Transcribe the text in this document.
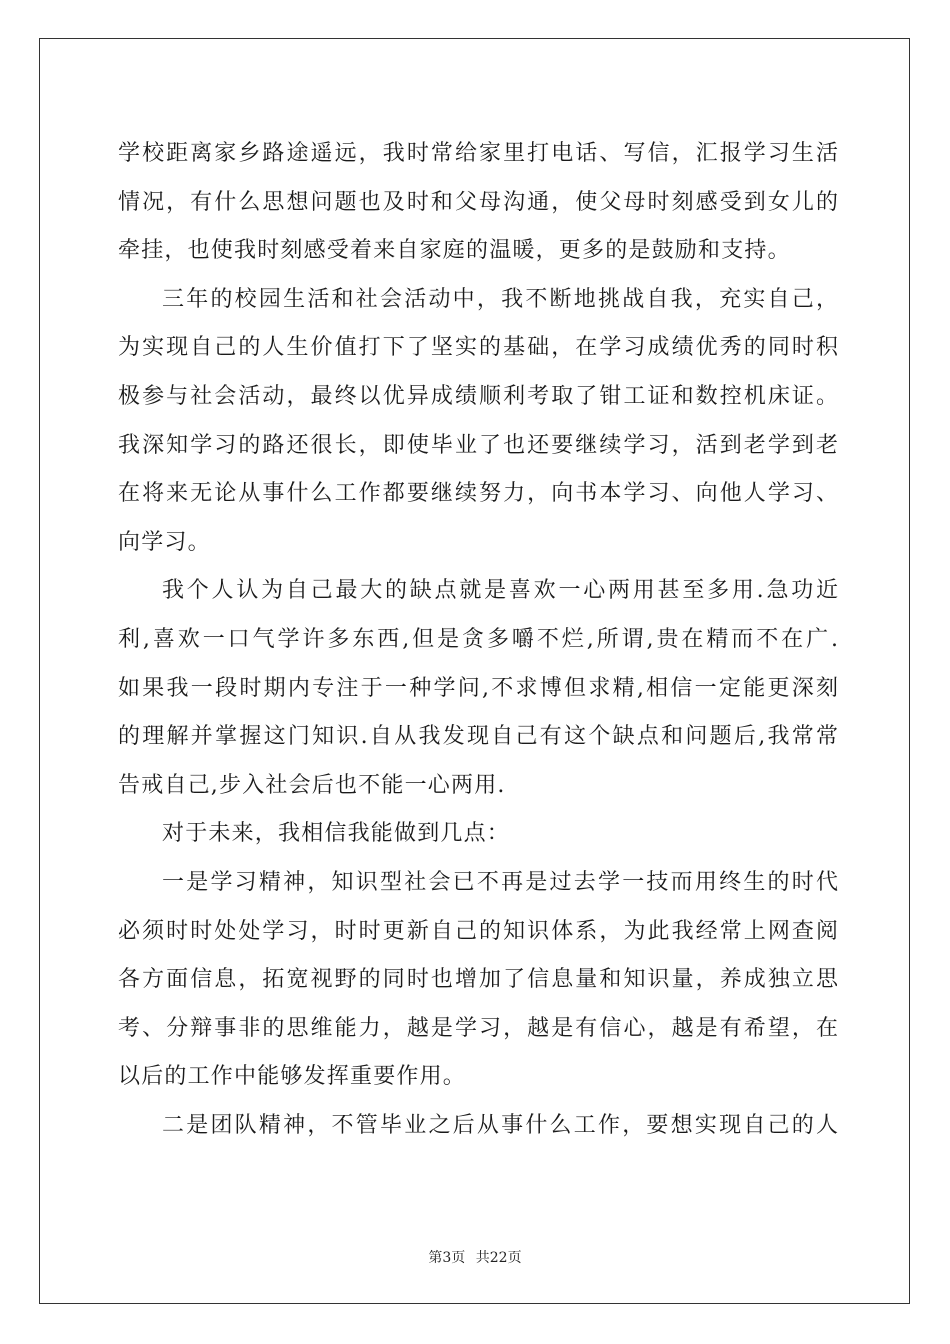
学校距离家乡路途遥远，我时常给家里打电话、写信，汇报学习生活
情况，有什么思想问题也及时和父母沟通，使父母时刻感受到女儿的
牵挂，也使我时刻感受着来自家庭的温暖，更多的是鼓励和支持。
三年的校园生活和社会活动中，我不断地挑战自我，充实自己，
为实现自己的人生价值打下了坚实的基础，在学习成绩优秀的同时积
极参与社会活动，最终以优异成绩顺利考取了钳工证和数控机床证。
我深知学习的路还很长，即使毕业了也还要继续学习，活到老学到老
在将来无论从事什么工作都要继续努力，向书本学习、向他人学习、
向学习。
我个人认为自己最大的缺点就是喜欢一心两用甚至多用.急功近
利,喜欢一口气学许多东西,但是贪多嚼不烂,所谓,贵在精而不在广.
如果我一段时期内专注于一种学问,不求博但求精,相信一定能更深刻
的理解并掌握这门知识.自从我发现自己有这个缺点和问题后,我常常
告戒自己,步入社会后也不能一心两用.
对于未来，我相信我能做到几点：
一是学习精神，知识型社会已不再是过去学一技而用终生的时代
必须时时处处学习，时时更新自己的知识体系，为此我经常上网查阅
各方面信息，拓宽视野的同时也增加了信息量和知识量，养成独立思
考、分辩事非的思维能力，越是学习，越是有信心，越是有希望，在
以后的工作中能够发挥重要作用。
二是团队精神，不管毕业之后从事什么工作，要想实现自己的人
第3页 共22页
